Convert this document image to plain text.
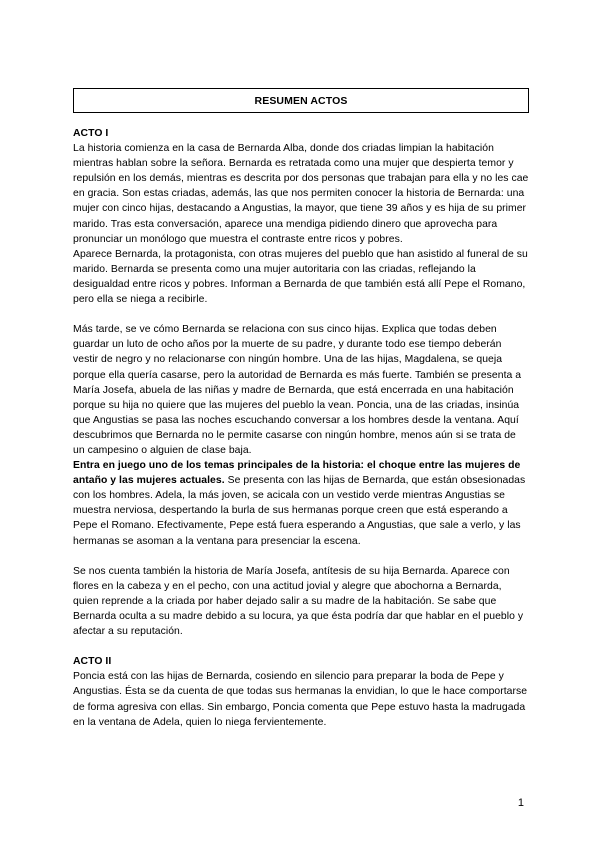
RESUMEN ACTOS

ACTO I

La historia comienza en la casa de Bernarda Alba, donde dos criadas limpian la habitación mientras hablan sobre la señora. Bernarda es retratada como una mujer que despierta temor y repulsión en los demás, mientras es descrita por dos personas que trabajan para ella y no les cae en gracia. Son estas criadas, además, las que nos permiten conocer la historia de Bernarda: una mujer con cinco hijas, destacando a Angustias, la mayor, que tiene 39 años y es hija de su primer marido. Tras esta conversación, aparece una mendiga pidiendo dinero que aprovecha para pronunciar un monólogo que muestra el contraste entre ricos y pobres.

Aparece Bernarda, la protagonista, con otras mujeres del pueblo que han asistido al funeral de su marido. Bernarda se presenta como una mujer autoritaria con las criadas, reflejando la desigualdad entre ricos y pobres. Informan a Bernarda de que también está allí Pepe el Romano, pero ella se niega a recibirle.

Más tarde, se ve cómo Bernarda se relaciona con sus cinco hijas. Explica que todas deben guardar un luto de ocho años por la muerte de su padre, y durante todo ese tiempo deberán vestir de negro y no relacionarse con ningún hombre. Una de las hijas, Magdalena, se queja porque ella quería casarse, pero la autoridad de Bernarda es más fuerte. También se presenta a María Josefa, abuela de las niñas y madre de Bernarda, que está encerrada en una habitación porque su hija no quiere que las mujeres del pueblo la vean. Poncia, una de las criadas, insinúa que Angustias se pasa las noches escuchando conversar a los hombres desde la ventana. Aquí descubrimos que Bernarda no le permite casarse con ningún hombre, menos aún si se trata de un campesino o alguien de clase baja.

Entra en juego uno de los temas principales de la historia: el choque entre las mujeres de antaño y las mujeres actuales. Se presenta con las hijas de Bernarda, que están obsesionadas con los hombres. Adela, la más joven, se acicala con un vestido verde mientras Angustias se muestra nerviosa, despertando la burla de sus hermanas porque creen que está esperando a Pepe el Romano. Efectivamente, Pepe está fuera esperando a Angustias, que sale a verlo, y las hermanas se asoman a la ventana para presenciar la escena.

Se nos cuenta también la historia de María Josefa, antítesis de su hija Bernarda. Aparece con flores en la cabeza y en el pecho, con una actitud jovial y alegre que abochorna a Bernarda, quien reprende a la criada por haber dejado salir a su madre de la habitación. Se sabe que Bernarda oculta a su madre debido a su locura, ya que ésta podría dar que hablar en el pueblo y afectar a su reputación.

ACTO II

Poncia está con las hijas de Bernarda, cosiendo en silencio para preparar la boda de Pepe y Angustias. Ésta se da cuenta de que todas sus hermanas la envidian, lo que le hace comportarse de forma agresiva con ellas. Sin embargo, Poncia comenta que Pepe estuvo hasta la madrugada en la ventana de Adela, quien lo niega fervientemente.

1
